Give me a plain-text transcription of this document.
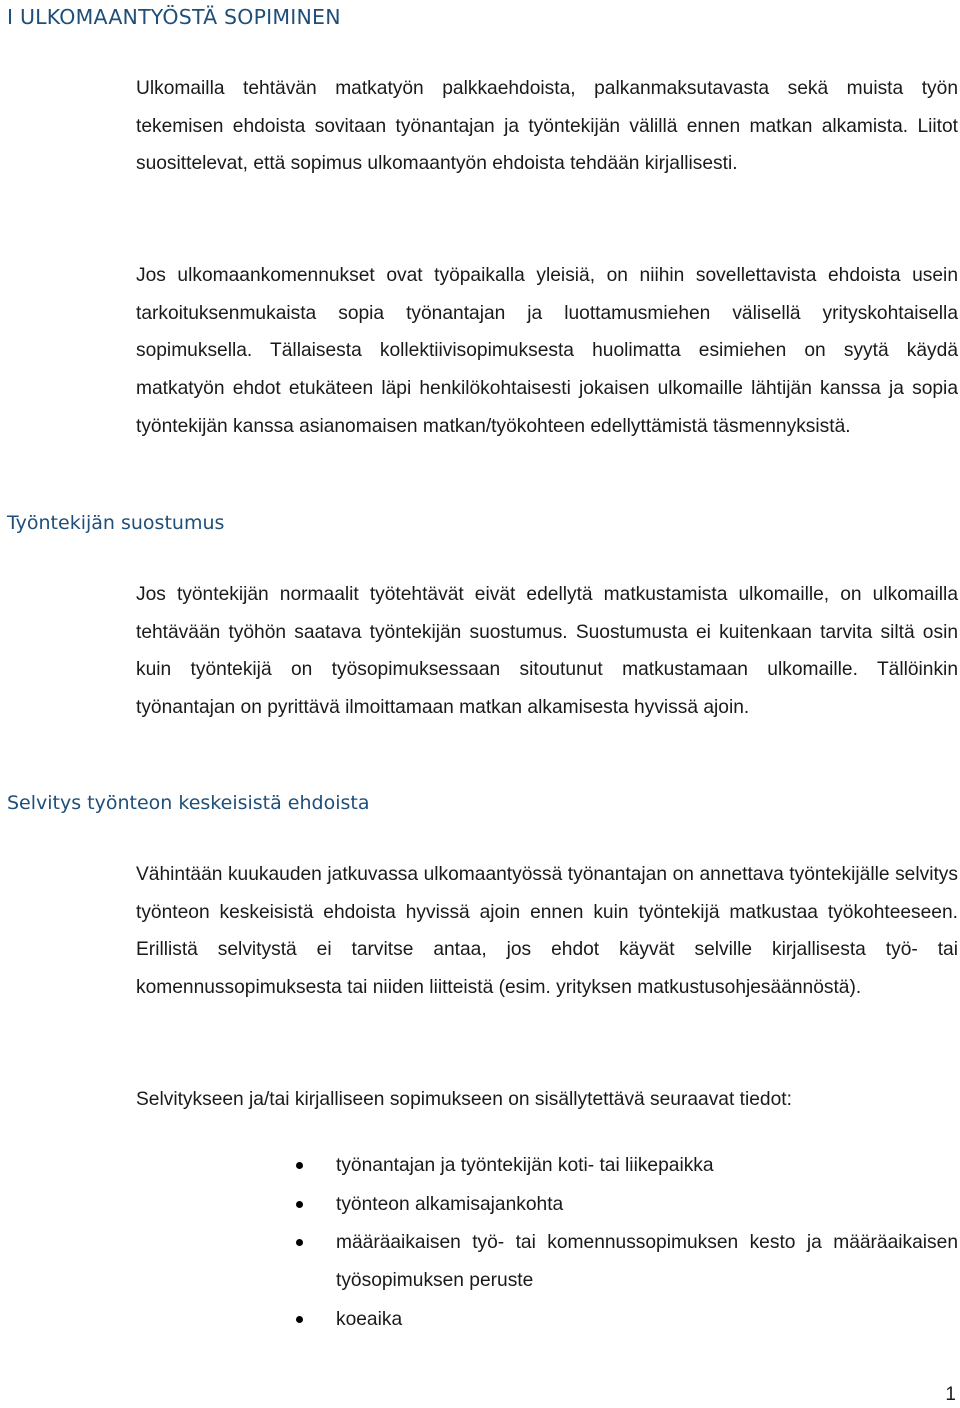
I ULKOMAANTYÖSTÄ SOPIMINEN

Ulkomailla tehtävän matkatyön palkkaehdoista, palkanmaksutavasta sekä muista työn tekemisen ehdoista sovitaan työnantajan ja työntekijän välillä ennen matkan alkamista. Liitot suosittelevat, että sopimus ulkomaantyön ehdoista tehdään kirjallisesti.

Jos ulkomaankomennukset ovat työpaikalla yleisiä, on niihin sovellettavista ehdoista usein tarkoituksenmukaista sopia työnantajan ja luottamusmiehen välisellä yrityskohtaisella sopimuksella. Tällaisesta kollektiivisopimuksesta huolimatta esimiehen on syytä käydä matkatyön ehdot etukäteen läpi henkilökohtaisesti jokaisen ulkomaille lähtijän kanssa ja sopia työntekijän kanssa asianomaisen matkan/työkohteen edellyttämistä täsmennyksistä.

Työntekijän suostumus

Jos työntekijän normaalit työtehtävät eivät edellytä matkustamista ulkomaille, on ulkomailla tehtävään työhön saatava työntekijän suostumus. Suostumusta ei kuitenkaan tarvita siltä osin kuin työntekijä on työsopimuksessaan sitoutunut matkustamaan ulkomaille. Tällöinkin työnantajan on pyrittävä ilmoittamaan matkan alkamisesta hyvissä ajoin.

Selvitys työnteon keskeisistä ehdoista

Vähintään kuukauden jatkuvassa ulkomaantyössä työnantajan on annettava työntekijälle selvitys työnteon keskeisistä ehdoista hyvissä ajoin ennen kuin työntekijä matkustaa työkohteeseen. Erillistä selvitystä ei tarvitse antaa, jos ehdot käyvät selville kirjallisesta työ- tai komennussopimuksesta tai niiden liitteistä (esim. yrityksen matkustusohjesäännöstä).

Selvitykseen ja/tai kirjalliseen sopimukseen on sisällytettävä seuraavat tiedot:

työnantajan ja työntekijän koti- tai liikepaikka
työnteon alkamisajankohta
määräaikaisen työ- tai komennussopimuksen kesto ja määräaikaisen työsopimuksen peruste
koeaika
1
